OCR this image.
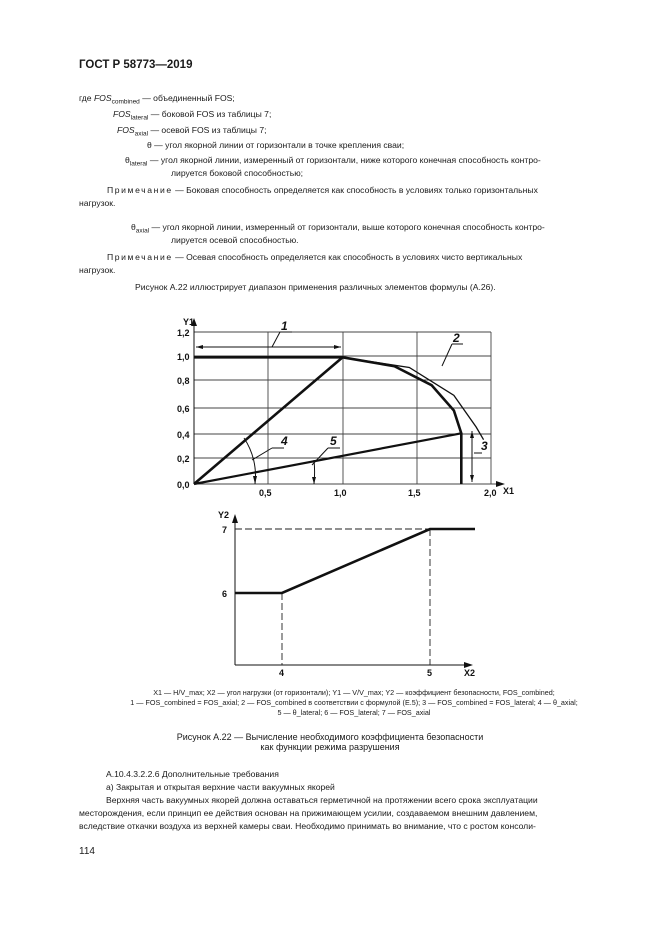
ГОСТ Р 58773—2019
где $FOS_{combined}$ — объединенный FOS;
$FOS_{lateral}$ — боковой FOS из таблицы 7;
$FOS_{axial}$ — осевой FOS из таблицы 7;
θ — угол якорной линии от горизонтали в точке крепления сваи;
$\theta_{lateral}$ — угол якорной линии, измеренный от горизонтали, ниже которого конечная способность контро-
лируется боковой способностью;
Примечание — Боковая способность определяется как способность в условиях только горизонтальных
нагрузок.
$\theta_{axial}$ — угол якорной линии, измеренный от горизонтали, выше которого конечная способность контро-
лируется осевой способностью.
Примечание — Осевая способность определяется как способность в условиях чисто вертикальных
нагрузок.
Рисунок А.22 иллюстрирует диапазон применения различных элементов формулы (А.26).
Y1
X1
1,2
1,0
0,8
0,6
0,4
0,2
0,0
0,5	1,0	1,5	2,0
1
2
3
4	5
Y2
X2
7
6
4	5
X1 — H/V_max; X2 — угол нагрузки (от горизонтали); Y1 — V/V_max; Y2 — коэффициент безопасности, FOS_combined;
1 — FOS_combined = FOS_axial; 2 — FOS_combined в соответствии с формулой (Е.5); 3 — FOS_combined = FOS_lateral; 4 — θ_axial;
5 — θ_lateral; 6 — FOS_lateral; 7 — FOS_axial
Рисунок А.22 — Вычисление необходимого коэффициента безопасности
как функции режима разрушения
А.10.4.3.2.2.6 Дополнительные требования
а) Закрытая и открытая верхние части вакуумных якорей
Верхняя часть вакуумных якорей должна оставаться герметичной на протяжении всего срока эксплуатации
месторождения, если принцип ее действия основан на прижимающем усилии, создаваемом внешним давлением,
вследствие откачки воздуха из верхней камеры сваи. Необходимо принимать во внимание, что с ростом консоли-
114
